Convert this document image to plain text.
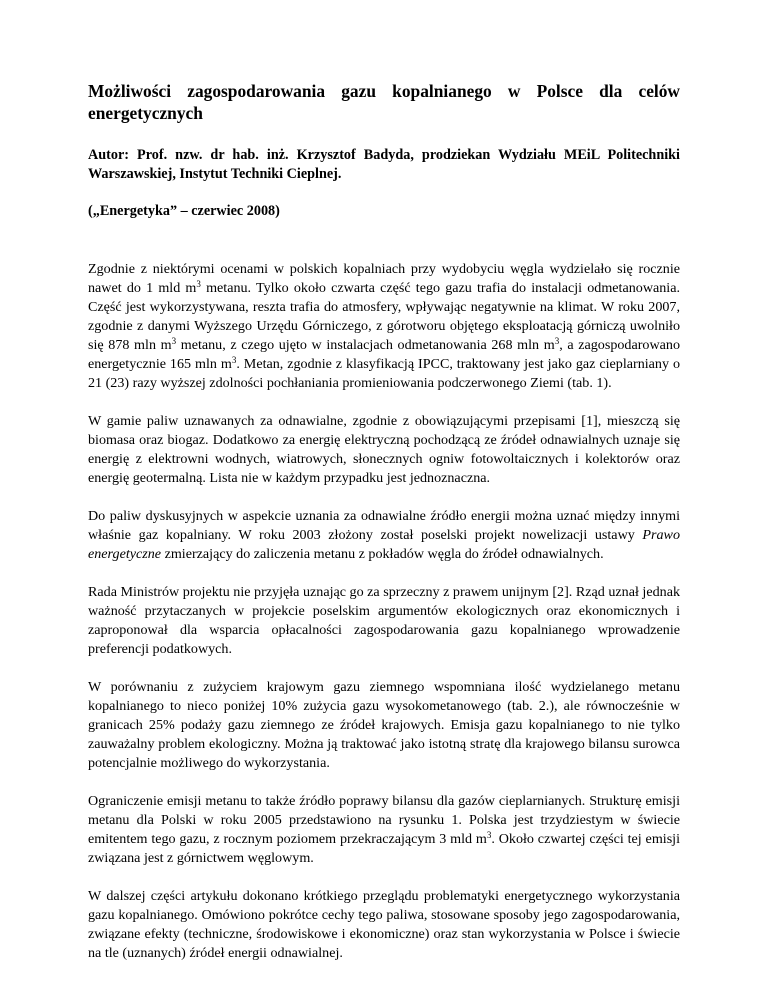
Możliwości zagospodarowania gazu kopalnianego w Polsce dla celów energetycznych
Autor: Prof. nzw. dr hab. inż. Krzysztof Badyda, prodziekan Wydziału MEiL Politechniki Warszawskiej, Instytut Techniki Cieplnej.
(„Energetyka” – czerwiec 2008)

Zgodnie z niektórymi ocenami w polskich kopalniach przy wydobyciu węgla wydzielało się rocznie nawet do 1 mld $m^3$ metanu. Tylko około czwarta część tego gazu trafia do instalacji odmetanowania. Część jest wykorzystywana, reszta trafia do atmosfery, wpływając negatywnie na klimat. W roku 2007, zgodnie z danymi Wyższego Urzędu Górniczego, z górotworu objętego eksploatacją górniczą uwolniło się 878 mln $m^3$ metanu, z czego ujęto w instalacjach odmetanowania 268 mln $m^3$, a zagospodarowano energetycznie 165 mln $m^3$. Metan, zgodnie z klasyfikacją IPCC, traktowany jest jako gaz cieplarniany o 21 (23) razy wyższej zdolności pochłaniania promieniowania podczerwonego Ziemi (tab. 1).

W gamie paliw uznawanych za odnawialne, zgodnie z obowiązującymi przepisami [1], mieszczą się biomasa oraz biogaz. Dodatkowo za energię elektryczną pochodzącą ze źródeł odnawialnych uznaje się energię z elektrowni wodnych, wiatrowych, słonecznych ogniw fotowoltaicznych i kolektorów oraz energię geotermalną. Lista nie w każdym przypadku jest jednoznaczna.

Do paliw dyskusyjnych w aspekcie uznania za odnawialne źródło energii można uznać między innymi właśnie gaz kopalniany. W roku 2003 złożony został poselski projekt nowelizacji ustawy Prawo energetyczne zmierzający do zaliczenia metanu z pokładów węgla do źródeł odnawialnych.

Rada Ministrów projektu nie przyjęła uznając go za sprzeczny z prawem unijnym [2]. Rząd uznał jednak ważność przytaczanych w projekcie poselskim argumentów ekologicznych oraz ekonomicznych i zaproponował dla wsparcia opłacalności zagospodarowania gazu kopalnianego wprowadzenie preferencji podatkowych.

W porównaniu z zużyciem krajowym gazu ziemnego wspomniana ilość wydzielanego metanu kopalnianego to nieco poniżej 10% zużycia gazu wysokometanowego (tab. 2.), ale równocześnie w granicach 25% podaży gazu ziemnego ze źródeł krajowych. Emisja gazu kopalnianego to nie tylko zauważalny problem ekologiczny. Można ją traktować jako istotną stratę dla krajowego bilansu surowca potencjalnie możliwego do wykorzystania.

Ograniczenie emisji metanu to także źródło poprawy bilansu dla gazów cieplarnianych. Strukturę emisji metanu dla Polski w roku 2005 przedstawiono na rysunku 1. Polska jest trzydziestym w świecie emitentem tego gazu, z rocznym poziomem przekraczającym 3 mld $m^3$. Około czwartej części tej emisji związana jest z górnictwem węglowym.

W dalszej części artykułu dokonano krótkiego przeglądu problematyki energetycznego wykorzystania gazu kopalnianego. Omówiono pokrótce cechy tego paliwa, stosowane sposoby jego zagospodarowania, związane efekty (techniczne, środowiskowe i ekonomiczne) oraz stan wykorzystania w Polsce i świecie na tle (uznanych) źródeł energii odnawialnej.
